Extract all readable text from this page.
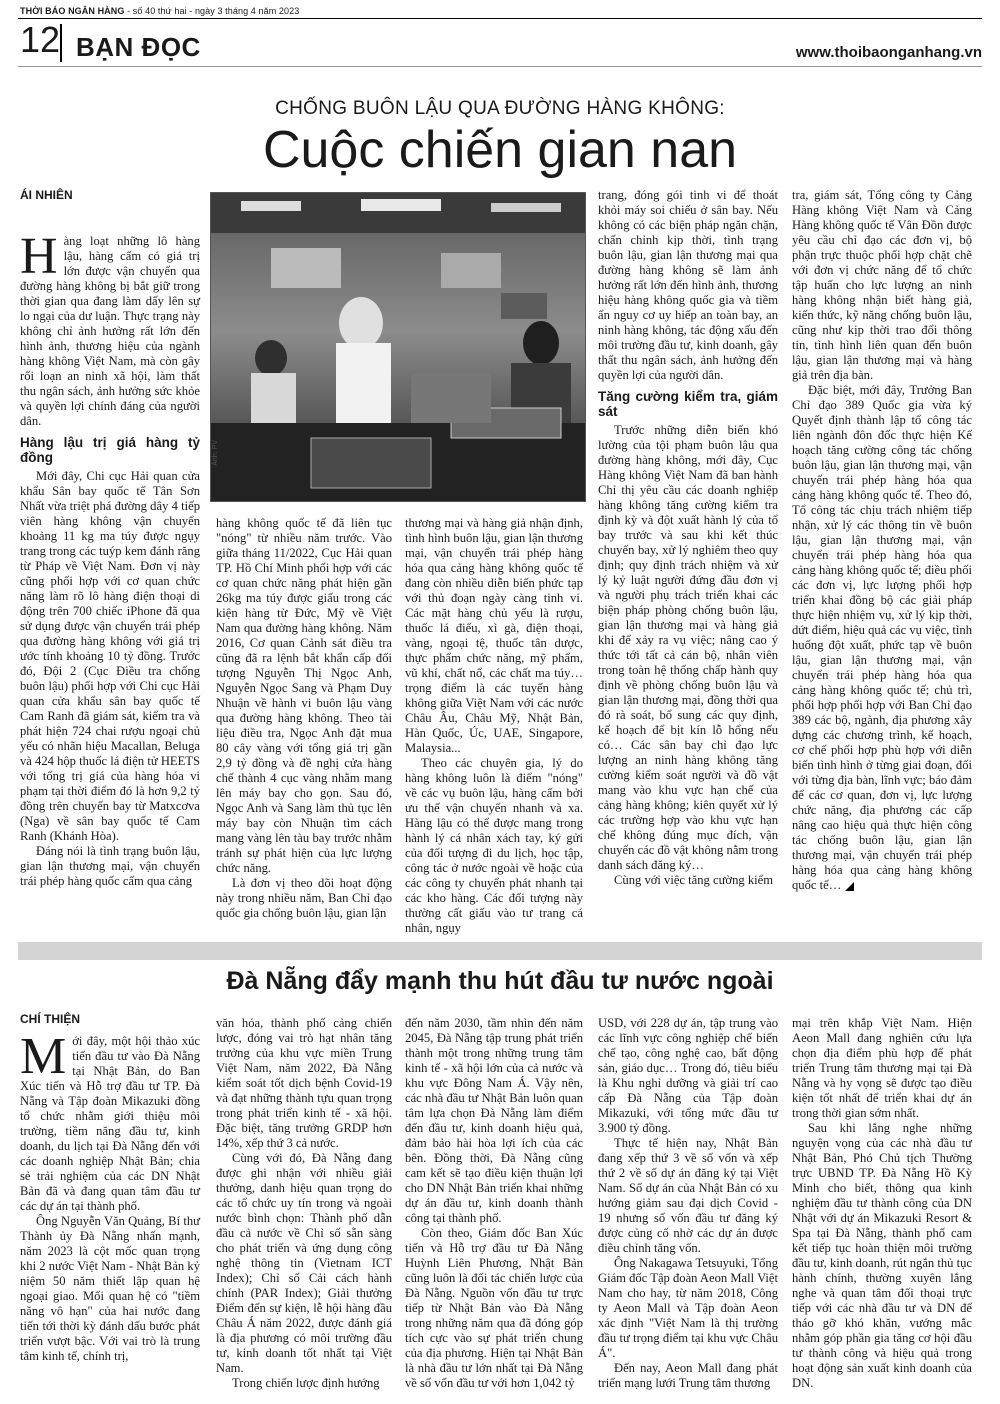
THỜI BÁO NGÂN HÀNG - số 40 thứ hai - ngày 3 tháng 4 năm 2023
12 BẠN ĐỌC	www.thoibaonganhang.vn
CHỐNG BUÔN LẬU QUA ĐƯỜNG HÀNG KHÔNG:
Cuộc chiến gian nan
Ảnh: PV
ÁI NHIÊN

Hàng loạt những lô hàng lậu, hàng cấm có giá trị lớn được vận chuyển qua đường hàng không bị bắt giữ trong thời gian qua đang làm dấy lên sự lo ngại của dư luận. Thực trạng này không chỉ ảnh hưởng rất lớn đến hình ảnh, thương hiệu của ngành hàng không Việt Nam, mà còn gây rối loạn an ninh xã hội, làm thất thu ngân sách, ảnh hưởng sức khỏe và quyền lợi chính đáng của người dân.

Hàng lậu trị giá hàng tỷ đồng

Mới đây, Chi cục Hải quan cửa khẩu Sân bay quốc tế Tân Sơn Nhất vừa triệt phá đường dây 4 tiếp viên hàng không vận chuyển khoảng 11 kg ma túy được ngụy trang trong các tuýp kem đánh răng từ Pháp về Việt Nam. Đơn vị này cũng phối hợp với cơ quan chức năng làm rõ lô hàng điện thoại di động trên 700 chiếc iPhone đã qua sử dụng được vận chuyển trái phép qua đường hàng không với giá trị ước tính khoảng 10 tỷ đồng. Trước đó, Đội 2 (Cục Điều tra chống buôn lậu) phối hợp với Chi cục Hải quan cửa khẩu sân bay quốc tế Cam Ranh đã giám sát, kiểm tra và phát hiện 724 chai rượu ngoại chủ yếu có nhãn hiệu Macallan, Beluga và 424 hộp thuốc lá điện tử HEETS với tổng trị giá của hàng hóa vi phạm tại thời điểm đó là hơn 9,2 tỷ đồng trên chuyến bay từ Matxcơva (Nga) về sân bay quốc tế Cam Ranh (Khánh Hòa).

Đáng nói là tình trạng buôn lậu, gian lận thương mại, vận chuyển trái phép hàng quốc cấm qua cảng

hàng không quốc tế đã liên tục "nóng" từ nhiều năm trước. Vào giữa tháng 11/2022, Cục Hải quan TP. Hồ Chí Minh phối hợp với các cơ quan chức năng phát hiện gần 26kg ma túy được giấu trong các kiện hàng từ Đức, Mỹ về Việt Nam qua đường hàng không. Năm 2016, Cơ quan Cảnh sát điều tra cũng đã ra lệnh bắt khẩn cấp đối tượng Nguyễn Thị Ngọc Anh, Nguyễn Ngọc Sang và Phạm Duy Nhuận về hành vi buôn lậu vàng qua đường hàng không. Theo tài liệu điều tra, Ngọc Anh đặt mua 80 cây vàng với tổng giá trị gần 2,9 tỷ đồng và đề nghị cửa hàng chế thành 4 cục vàng nhằm mang lên máy bay cho gọn. Sau đó, Ngọc Anh và Sang làm thủ tục lên máy bay còn Nhuận tìm cách mang vàng lên tàu bay trước nhằm tránh sự phát hiện của lực lượng chức năng.

Là đơn vị theo dõi hoạt động này trong nhiều năm, Ban Chỉ đạo quốc gia chống buôn lậu, gian lận

thương mại và hàng giả nhận định, tình hình buôn lậu, gian lận thương mại, vận chuyển trái phép hàng hóa qua cảng hàng không quốc tế đang còn nhiều diễn biến phức tạp với thủ đoạn ngày càng tinh vi. Các mặt hàng chủ yếu là rượu, thuốc lá điếu, xì gà, điện thoại, vàng, ngoại tệ, thuốc tân dược, thực phẩm chức năng, mỹ phẩm, vũ khí, chất nổ, các chất ma túy… trọng điểm là các tuyến hàng không giữa Việt Nam với các nước Châu Âu, Châu Mỹ, Nhật Bản, Hàn Quốc, Úc, UAE, Singapore, Malaysia...

Theo các chuyên gia, lý do hàng không luôn là điểm "nóng" về các vụ buôn lậu, hàng cấm bởi ưu thế vận chuyển nhanh và xa. Hàng lậu có thể được mang trong hành lý cá nhân xách tay, ký gửi của đối tượng đi du lịch, học tập, công tác ở nước ngoài về hoặc của các công ty chuyển phát nhanh tại các kho hàng. Các đối tượng này thường cất giấu vào tư trang cá nhân, ngụy

trang, đóng gói tinh vi để thoát khỏi máy soi chiếu ở sân bay. Nếu không có các biện pháp ngăn chặn, chấn chỉnh kịp thời, tình trạng buôn lậu, gian lận thương mại qua đường hàng không sẽ làm ảnh hưởng rất lớn đến hình ảnh, thương hiệu hàng không quốc gia và tiềm ẩn nguy cơ uy hiếp an toàn bay, an ninh hàng không, tác động xấu đến môi trường đầu tư, kinh doanh, gây thất thu ngân sách, ảnh hưởng đến quyền lợi của người dân.

Tăng cường kiểm tra, giám sát

Trước những diễn biến khó lường của tội phạm buôn lậu qua đường hàng không, mới đây, Cục Hàng không Việt Nam đã ban hành Chỉ thị yêu cầu các doanh nghiệp hàng không tăng cường kiểm tra định kỳ và đột xuất hành lý của tổ bay trước và sau khi kết thúc chuyến bay, xử lý nghiêm theo quy định; quy định trách nhiệm và xử lý kỷ luật người đứng đầu đơn vị và người phụ trách triển khai các biện pháp phòng chống buôn lậu, gian lận thương mại và hàng giả khi để xảy ra vụ việc; nâng cao ý thức tới tất cả cán bộ, nhân viên trong toàn hệ thống chấp hành quy định về phòng chống buôn lậu và gian lận thương mại, đồng thời qua đó rà soát, bổ sung các quy định, kế hoạch để bịt kín lỗ hổng nếu có… Các sân bay chỉ đạo lực lượng an ninh hàng không tăng cường kiểm soát người và đồ vật mang vào khu vực hạn chế của cảng hàng không; kiên quyết xử lý các trường hợp vào khu vực hạn chế không đúng mục đích, vận chuyển các đồ vật không nằm trong danh sách đăng ký…

Cùng với việc tăng cường kiểm

tra, giám sát, Tổng công ty Cảng Hàng không Việt Nam và Cảng Hàng không quốc tế Vân Đồn được yêu cầu chỉ đạo các đơn vị, bộ phận trực thuộc phối hợp chặt chẽ với đơn vị chức năng để tổ chức tập huấn cho lực lượng an ninh hàng không nhận biết hàng giả, kiến thức, kỹ năng chống buôn lậu, cũng như kịp thời trao đổi thông tin, tình hình liên quan đến buôn lậu, gian lận thương mại và hàng giả trên địa bàn.

Đặc biệt, mới đây, Trưởng Ban Chỉ đạo 389 Quốc gia vừa ký Quyết định thành lập tổ công tác liên ngành đôn đốc thực hiện Kế hoạch tăng cường công tác chống buôn lậu, gian lận thương mại, vận chuyển trái phép hàng hóa qua cảng hàng không quốc tế. Theo đó, Tổ công tác chịu trách nhiệm tiếp nhận, xử lý các thông tin về buôn lậu, gian lận thương mại, vận chuyển trái phép hàng hóa qua cảng hàng không quốc tế; điều phối các đơn vị, lực lượng phối hợp triển khai đồng bộ các giải pháp thực hiện nhiệm vụ, xử lý kịp thời, dứt điểm, hiệu quả các vụ việc, tình huống đột xuất, phức tạp về buôn lậu, gian lận thương mại, vận chuyển trái phép hàng hóa qua cảng hàng không quốc tế; chủ trì, phối hợp phối hợp với Ban Chỉ đạo 389 các bộ, ngành, địa phương xây dựng các chương trình, kế hoạch, cơ chế phối hợp phù hợp với diễn biến tình hình ở từng giai đoạn, đối với từng địa bàn, lĩnh vực; báo đảm để các cơ quan, đơn vị, lực lượng chức năng, địa phương các cấp nâng cao hiệu quả thực hiện công tác chống buôn lậu, gian lận thương mại, vận chuyển trái phép hàng hóa qua cảng hàng không quốc tế…

Đà Nẵng đẩy mạnh thu hút đầu tư nước ngoài
CHÍ THIỆN

Mới đây, một hội thảo xúc tiến đầu tư vào Đà Nẵng tại Nhật Bản, do Ban Xúc tiến và Hỗ trợ đầu tư TP. Đà Nẵng và Tập đoàn Mikazuki đồng tổ chức nhằm giới thiệu môi trường, tiềm năng đầu tư, kinh doanh, du lịch tại Đà Nẵng đến với các doanh nghiệp Nhật Bản; chia sẻ trải nghiệm của các DN Nhật Bản đã và đang quan tâm đầu tư các dự án tại thành phố.

Ông Nguyễn Văn Quảng, Bí thư Thành ủy Đà Nẵng nhấn mạnh, năm 2023 là cột mốc quan trọng khi 2 nước Việt Nam - Nhật Bản kỷ niệm 50 năm thiết lập quan hệ ngoại giao. Mối quan hệ có "tiềm năng vô hạn" của hai nước đang tiến tới thời kỳ đánh dấu bước phát triển vượt bậc. Với vai trò là trung tâm kinh tế, chính trị,

văn hóa, thành phố cảng chiến lược, đóng vai trò hạt nhân tăng trưởng của khu vực miền Trung Việt Nam, năm 2022, Đà Nẵng kiểm soát tốt dịch bệnh Covid-19 và đạt những thành tựu quan trọng trong phát triển kinh tế - xã hội. Đặc biệt, tăng trưởng GRDP hơn 14%, xếp thứ 3 cả nước.

Cùng với đó, Đà Nẵng đang được ghi nhận với nhiều giải thưởng, danh hiệu quan trọng do các tổ chức uy tín trong và ngoài nước bình chọn: Thành phố dẫn đầu cả nước về Chỉ số sẵn sàng cho phát triển và ứng dụng công nghệ thông tin (Vietnam ICT Index); Chỉ số Cải cách hành chính (PAR Index); Giải thưởng Điểm đến sự kiện, lễ hội hàng đầu Châu Á năm 2022, được đánh giá là địa phương có môi trường đầu tư, kinh doanh tốt nhất tại Việt Nam.

Trong chiến lược định hướng

đến năm 2030, tầm nhìn đến năm 2045, Đà Nẵng tập trung phát triển thành một trong những trung tâm kinh tế - xã hội lớn của cả nước và khu vực Đông Nam Á. Vậy nên, các nhà đầu tư Nhật Bản luôn quan tâm lựa chọn Đà Nẵng làm điểm đến đầu tư, kinh doanh hiệu quả, đảm bảo hài hòa lợi ích của các bên. Đồng thời, Đà Nẵng cũng cam kết sẽ tạo điều kiện thuận lợi cho DN Nhật Bản triển khai những dự án đầu tư, kinh doanh thành công tại thành phố.

Còn theo, Giám đốc Ban Xúc tiến và Hỗ trợ đầu tư Đà Nẵng Huỳnh Liên Phương, Nhật Bản cũng luôn là đối tác chiến lược của Đà Nẵng. Nguồn vốn đầu tư trực tiếp từ Nhật Bản vào Đà Nẵng trong những năm qua đã đóng góp tích cực vào sự phát triển chung của địa phương. Hiện tại Nhật Bản là nhà đầu tư lớn nhất tại Đà Nẵng về số vốn đầu tư với hơn 1,042 tỷ

USD, với 228 dự án, tập trung vào các lĩnh vực công nghiệp chế biến chế tạo, công nghệ cao, bất động sản, giáo dục… Trong đó, tiêu biểu là Khu nghỉ dưỡng và giải trí cao cấp Đà Nẵng của Tập đoàn Mikazuki, với tổng mức đầu tư 3.900 tỷ đồng.

Thực tế hiện nay, Nhật Bản đang xếp thứ 3 về số vốn và xếp thứ 2 về số dự án đăng ký tại Việt Nam. Số dự án của Nhật Bản có xu hướng giảm sau đại dịch Covid - 19 nhưng số vốn đầu tư đăng ký được củng cố nhờ các dự án được điều chỉnh tăng vốn.

Ông Nakagawa Tetsuyuki, Tổng Giám đốc Tập đoàn Aeon Mall Việt Nam cho hay, từ năm 2018, Công ty Aeon Mall và Tập đoàn Aeon xác định "Việt Nam là thị trường đầu tư trọng điểm tại khu vực Châu Á".

Đến nay, Aeon Mall đang phát triển mạng lưới Trung tâm thương

mại trên khắp Việt Nam. Hiện Aeon Mall đang nghiên cứu lựa chọn địa điểm phù hợp để phát triển Trung tâm thương mại tại Đà Nẵng và hy vọng sẽ được tạo điều kiện tốt nhất để triển khai dự án trong thời gian sớm nhất.

Sau khi lắng nghe những nguyện vọng của các nhà đầu tư Nhật Bản, Phó Chủ tịch Thường trực UBND TP. Đà Nẵng Hồ Kỳ Minh cho biết, thông qua kinh nghiệm đầu tư thành công của DN Nhật với dự án Mikazuki Resort & Spa tại Đà Nẵng, thành phố cam kết tiếp tục hoàn thiện môi trường đầu tư, kinh doanh, rút ngắn thủ tục hành chính, thường xuyên lắng nghe và quan tâm đối thoại trực tiếp với các nhà đầu tư và DN để tháo gỡ khó khăn, vướng mắc nhằm góp phần gia tăng cơ hội đầu tư thành công và hiệu quả trong hoạt động sản xuất kinh doanh của DN.
